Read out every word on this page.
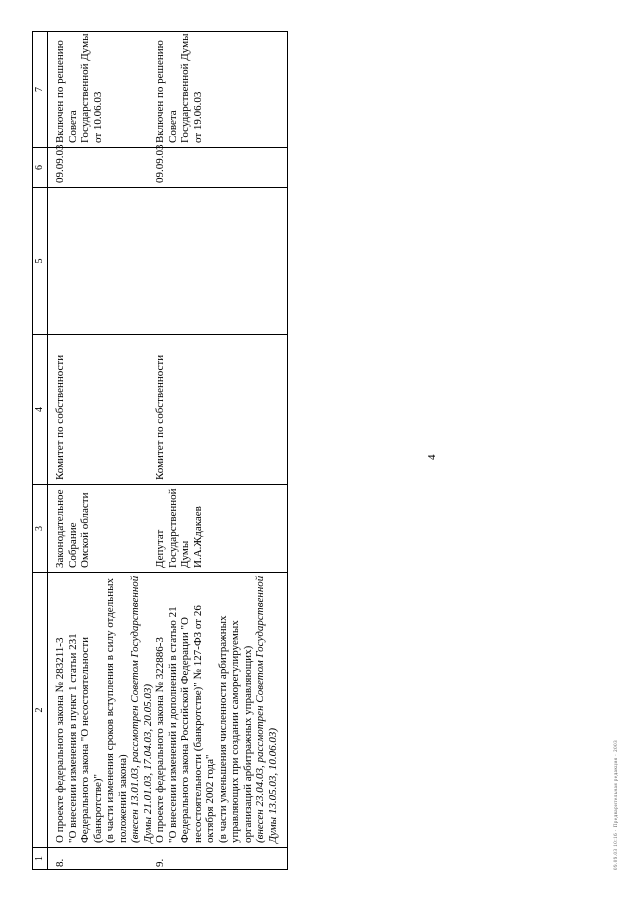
4
1	2	3	4	5	6	7
8.	О проекте федерального закона № 283211-3 "О внесении изменения в пункт 1 статьи 231 Федерального закона "О несостоятельности (банкротстве)" (в части изменения сроков вступления в силу отдельных положений закона) (внесен 13.01.03, рассмотрен Советом Государственной Думы 21.01.03, 17.04.03, 20.05.03)	Законодательное Собрание Омской области	Комитет по собственности		09.09.03	Включен по решению Совета Государственной Думы от 10.06.03
9.	О проекте федерального закона № 322886-3 "О внесении изменений и дополнений в статью 21 Федерального закона Российской Федерации "О несостоятельности (банкротстве)" № 127-ФЗ от 26 октября 2002 года" (в части уменьшения численности арбитражных управляющих при создании саморегулируемых организаций арбитражных управляющих) (внесен 23.04.03, рассмотрен Советом Государственной Думы 13.05.03, 10.06.03)	Депутат Государственной Думы И.А.Ждакаев	Комитет по собственности		09.09.03	Включен по решению Совета Государственной Думы от 19.06.03

09.09.03 10:16 · Предварительная редакция · 2003
